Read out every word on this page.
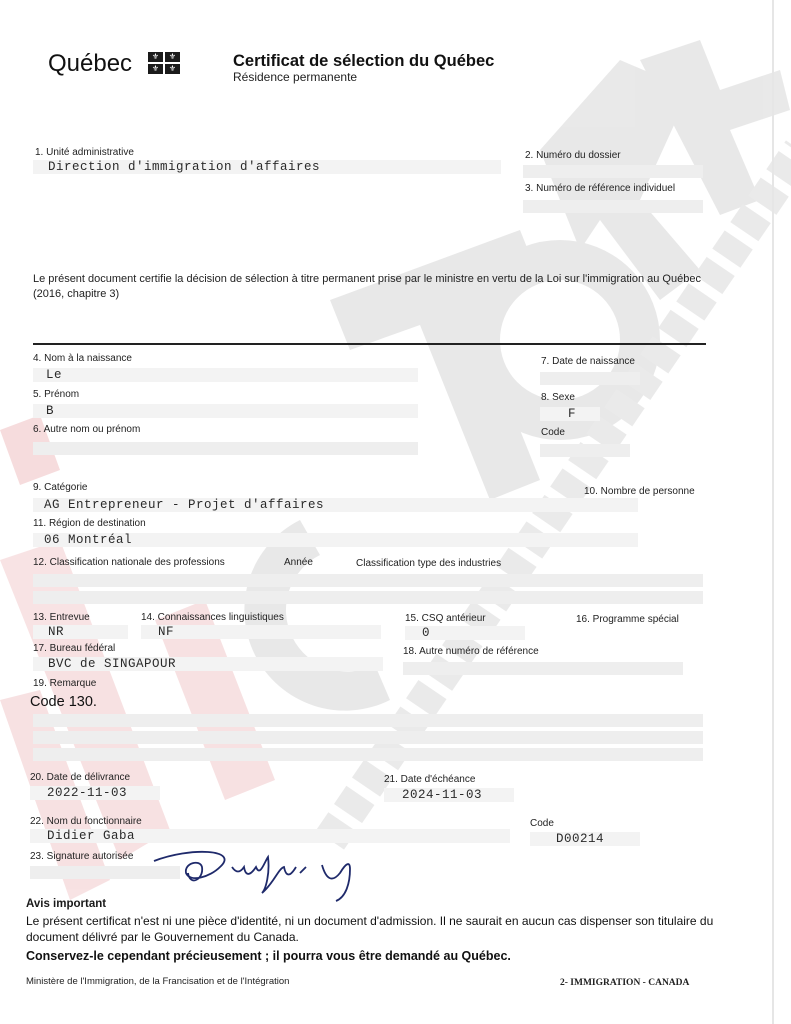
Québec	⚜	⚜
⚜	⚜	Certificat de sélection du Québec
Résidence permanente
1. Unité administrative
Direction d'immigration d'affaires
2. Numéro du dossier
3. Numéro de référence individuel
Le présent document certifie la décision de sélection à titre permanent prise par le ministre en vertu de la Loi sur l'immigration au Québec (2016, chapitre 3)
4. Nom à la naissance
Le
5. Prénom
B
6. Autre nom ou prénom
7. Date de naissance
8. Sexe
F
Code
9. Catégorie
AG Entrepreneur - Projet d'affaires
10. Nombre de personne
11. Région de destination
06 Montréal
12. Classification nationale des professions	Année	Classification type des industries
13. Entrevue
NR
14. Connaissances linguistiques
NF
15. CSQ antérieur
0
16. Programme spécial
17. Bureau fédéral
BVC de SINGAPOUR
18. Autre numéro de référence
19. Remarque
Code 130.
20. Date de délivrance
2022-11-03
21. Date d'échéance
2024-11-03
22. Nom du fonctionnaire
Didier Gaba
Code
D00214
23. Signature autorisée
Avis important
Le présent certificat n'est ni une pièce d'identité, ni un document d'admission. Il ne saurait en aucun cas dispenser son titulaire du document délivré par le Gouvernement du Canada.
Conservez-le cependant précieusement ; il pourra vous être demandé au Québec.
Ministère de l'Immigration, de la Francisation et de l'Intégration	2- IMMIGRATION - CANADA
